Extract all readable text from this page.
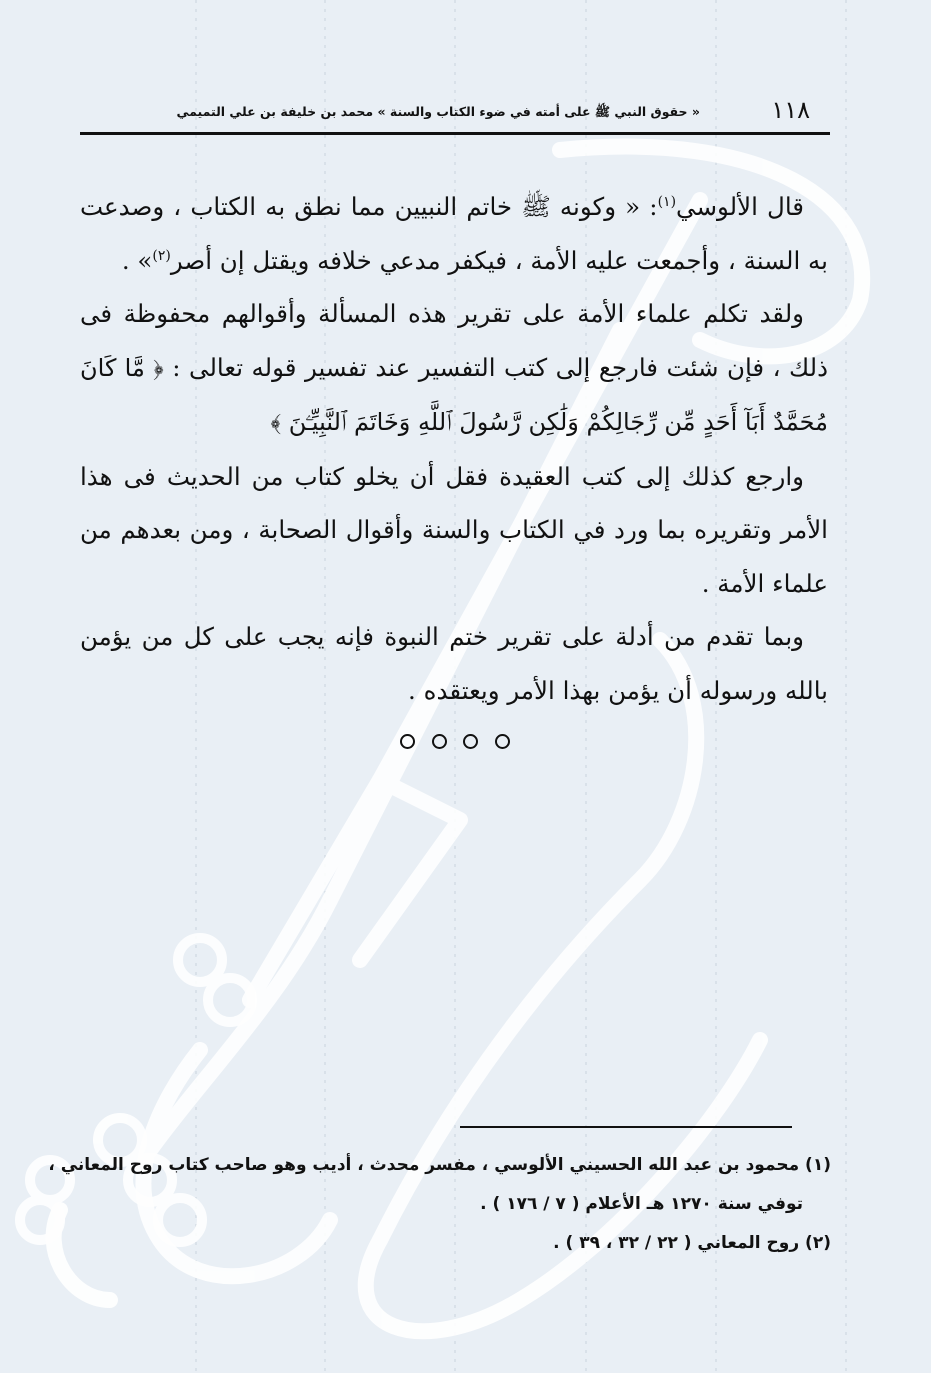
١١٨
« حقوق النبي ﷺ على أمته في ضوء الكتاب والسنة » محمد بن خليفة بن علي التميمي

قال الألوسي$^{(١)}$: « وكونه ﷺ خاتم النبيين مما نطق به الكتاب ، وصدعت به السنة ، وأجمعت عليه الأمة ، فيكفر مدعي خلافه ويقتل إن أصر$^{(٢)}$» .

ولقد تكلم علماء الأمة على تقرير هذه المسألة وأقوالهم محفوظة فى ذلك ، فإن شئت فارجع إلى كتب التفسير عند تفسير قوله تعالى : ﴿ مَّا كَانَ مُحَمَّدٌ أَبَآ أَحَدٍ مِّن رِّجَالِكُمْ وَلَٰكِن رَّسُولَ ٱللَّهِ وَخَاتَمَ ٱلنَّبِيِّـۧنَ ﴾

وارجع كذلك إلى كتب العقيدة فقل أن يخلو كتاب من الحديث فى هذا الأمر وتقريره بما ورد في الكتاب والسنة وأقوال الصحابة ، ومن بعدهم من علماء الأمة .

وبما تقدم من أدلة على تقرير ختم النبوة فإنه يجب على كل من يؤمن بالله ورسوله أن يؤمن بهذا الأمر ويعتقده .

(١) محمود بن عبد الله الحسيني الألوسي ، مفسر محدث ، أديب وهو صاحب كتاب روح المعاني ،

توفي سنة ١٢٧٠ هـ الأعلام ( ٧ / ١٧٦ ) .

(٢) روح المعاني ( ٢٢ / ٣٢ ، ٣٩ ) .
